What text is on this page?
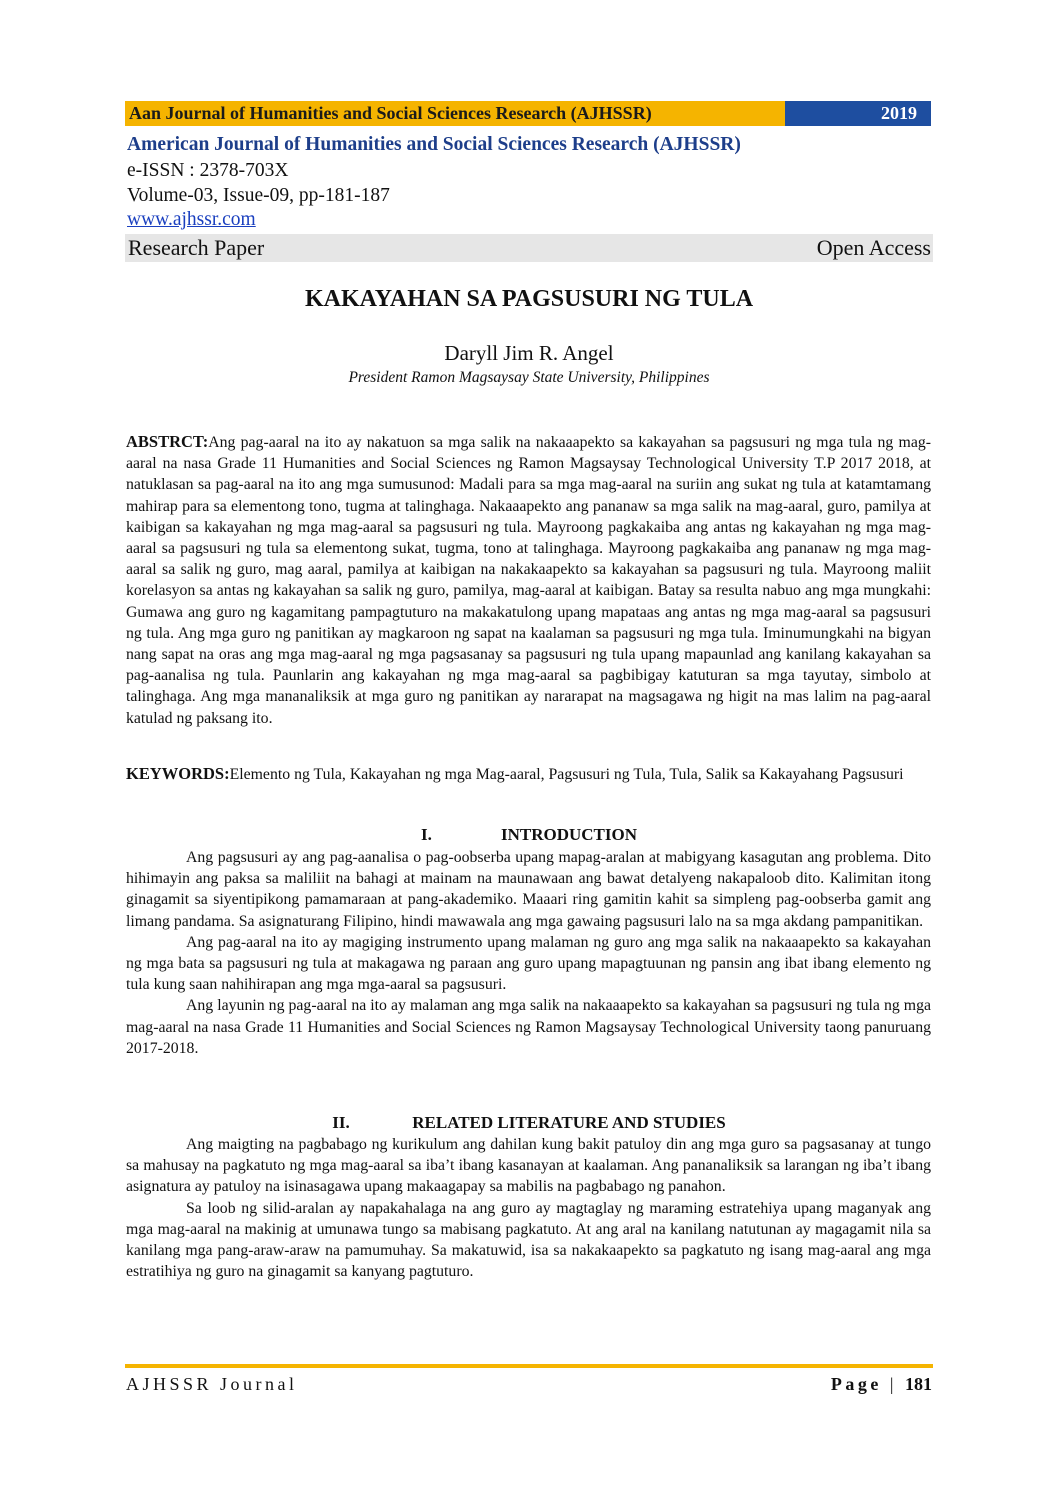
Aan Journal of Humanities and Social Sciences Research (AJHSSR)	2019
American Journal of Humanities and Social Sciences Research (AJHSSR)
e-ISSN : 2378-703X
Volume-03, Issue-09, pp-181-187
www.ajhssr.com
Research Paper	Open Access
KAKAYAHAN SA PAGSUSURI NG TULA
Daryll Jim R. Angel
President Ramon Magsaysay State University, Philippines

ABSTRCT:Ang pag-aaral na ito ay nakatuon sa mga salik na nakaaapekto sa kakayahan sa pagsusuri ng mga tula ng mag-aaral na nasa Grade 11 Humanities and Social Sciences ng Ramon Magsaysay Technological University T.P 2017 2018, at natuklasan sa pag-aaral na ito ang mga sumusunod: Madali para sa mga mag-aaral na suriin ang sukat ng tula at katamtamang mahirap para sa elementong tono, tugma at talinghaga. Nakaaapekto ang pananaw sa mga salik na mag-aaral, guro, pamilya at kaibigan sa kakayahan ng mga mag-aaral sa pagsusuri ng tula. Mayroong pagkakaiba ang antas ng kakayahan ng mga mag-aaral sa pagsusuri ng tula sa elementong sukat, tugma, tono at talinghaga. Mayroong pagkakaiba ang pananaw ng mga mag-aaral sa salik ng guro, mag aaral, pamilya at kaibigan na nakakaapekto sa kakayahan sa pagsusuri ng tula. Mayroong maliit korelasyon sa antas ng kakayahan sa salik ng guro, pamilya, mag-aaral at kaibigan. Batay sa resulta nabuo ang mga mungkahi: Gumawa ang guro ng kagamitang pampagtuturo na makakatulong upang mapataas ang antas ng mga mag-aaral sa pagsusuri ng tula. Ang mga guro ng panitikan ay magkaroon ng sapat na kaalaman sa pagsusuri ng mga tula. Iminumungkahi na bigyan nang sapat na oras ang mga mag-aaral ng mga pagsasanay sa pagsusuri ng tula upang mapaunlad ang kanilang kakayahan sa pag-aanalisa ng tula. Paunlarin ang kakayahan ng mga mag-aaral sa pagbibigay katuturan sa mga tayutay, simbolo at talinghaga. Ang mga mananaliksik at mga guro ng panitikan ay nararapat na magsagawa ng higit na mas lalim na pag-aaral katulad ng paksang ito.

KEYWORDS:Elemento ng Tula, Kakayahan ng mga Mag-aaral, Pagsusuri ng Tula, Tula, Salik sa Kakayahang Pagsusuri

I.	INTRODUCTION

Ang pagsusuri ay ang pag-aanalisa o pag-oobserba upang mapag-aralan at mabigyang kasagutan ang problema. Dito hihimayin ang paksa sa maliliit na bahagi at mainam na maunawaan ang bawat detalyeng nakapaloob dito. Kalimitan itong ginagamit sa siyentipikong pamamaraan at pang-akademiko. Maaari ring gamitin kahit sa simpleng pag-oobserba gamit ang limang pandama. Sa asignaturang Filipino, hindi mawawala ang mga gawaing pagsusuri lalo na sa mga akdang pampanitikan.

Ang pag-aaral na ito ay magiging instrumento upang malaman ng guro ang mga salik na nakaaapekto sa kakayahan ng mga bata sa pagsusuri ng tula at makagawa ng paraan ang guro upang mapagtuunan ng pansin ang ibat ibang elemento ng tula kung saan nahihirapan ang mga mga-aaral sa pagsusuri.

Ang layunin ng pag-aaral na ito ay malaman ang mga salik na nakaaapekto sa kakayahan sa pagsusuri ng tula ng mga mag-aaral na nasa Grade 11 Humanities and Social Sciences ng Ramon Magsaysay Technological University taong panuruang 2017-2018.

II.	RELATED LITERATURE AND STUDIES

Ang maigting na pagbabago ng kurikulum ang dahilan kung bakit patuloy din ang mga guro sa pagsasanay at tungo sa mahusay na pagkatuto ng mga mag-aaral sa iba’t ibang kasanayan at kaalaman. Ang pananaliksik sa larangan ng iba’t ibang asignatura ay patuloy na isinasagawa upang makaagapay sa mabilis na pagbabago ng panahon.

Sa loob ng silid-aralan ay napakahalaga na ang guro ay magtaglay ng maraming estratehiya upang maganyak ang mga mag-aaral na makinig at umunawa tungo sa mabisang pagkatuto. At ang aral na kanilang natutunan ay magagamit nila sa kanilang mga pang-araw-araw na pamumuhay. Sa makatuwid, isa sa nakakaapekto sa pagkatuto ng isang mag-aaral ang mga estratihiya ng guro na ginagamit sa kanyang pagtuturo.

AJHSSR Journal	Page | 181
